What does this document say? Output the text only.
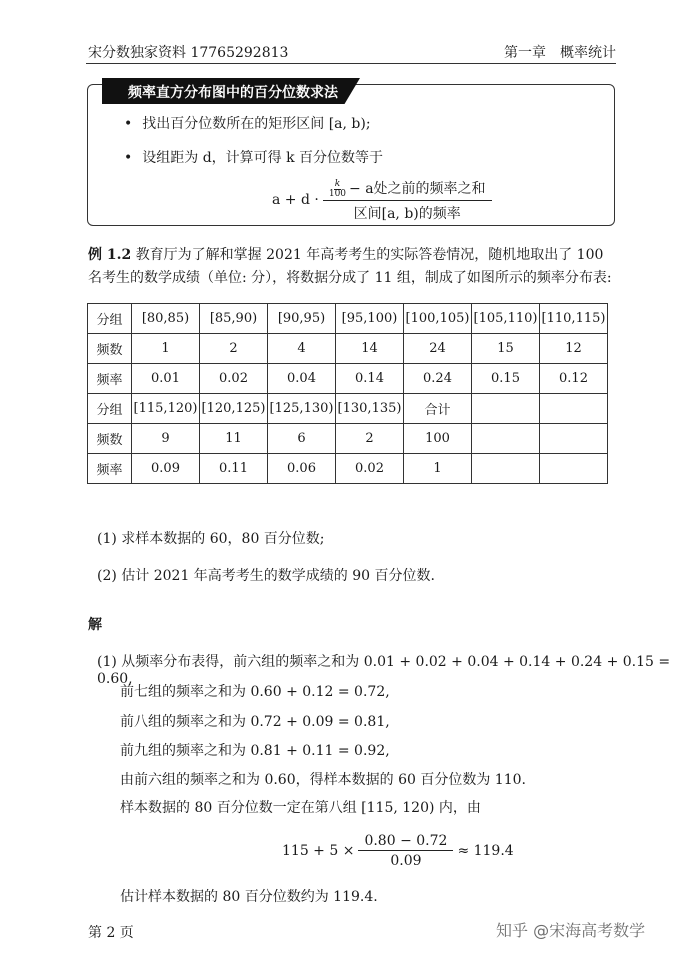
宋分数独家资料 17765292813	第一章　概率统计
频率直方分布图中的百分位数求法
• 找出百分位数所在的矩形区间 [a, b);
• 设组距为 d，计算可得 k 百分位数等于
$a + d \cdot \frac{\frac{k}{100} - a处之前的频率之和}{\text{区间[a, b)的频率}}$
例 1.2 教育厅为了解和掌握 2021 年高考考生的实际答卷情况，随机地取出了 100 名考生的数学成绩（单位: 分），将数据分成了 11 组，制成了如图所示的频率分布表:
分组	[80,85)	[85,90)	[90,95)	[95,100)	[100,105)	[105,110)	[110,115)
频数	1	2	4	14	24	15	12
频率	0.01	0.02	0.04	0.14	0.24	0.15	0.12
分组	[115,120)	[120,125)	[125,130)	[130,135)	合计		
频数	9	11	6	2	100		
频率	0.09	0.11	0.06	0.02	1		
(1) 求样本数据的 60，80 百分位数;
(2) 估计 2021 年高考考生的数学成绩的 90 百分位数.
解
(1) 从频率分布表得，前六组的频率之和为 0.01 + 0.02 + 0.04 + 0.14 + 0.24 + 0.15 = 0.60,
前七组的频率之和为 0.60 + 0.12 = 0.72,
前八组的频率之和为 0.72 + 0.09 = 0.81,
前九组的频率之和为 0.81 + 0.11 = 0.92,
由前六组的频率之和为 0.60，得样本数据的 60 百分位数为 110.
样本数据的 80 百分位数一定在第八组 [115, 120) 内，由
$115 + 5 \times \frac{0.80 - 0.72}{0.09} \approx 119.4$
估计样本数据的 80 百分位数约为 119.4.
第 2 页	知乎 @宋海高考数学
